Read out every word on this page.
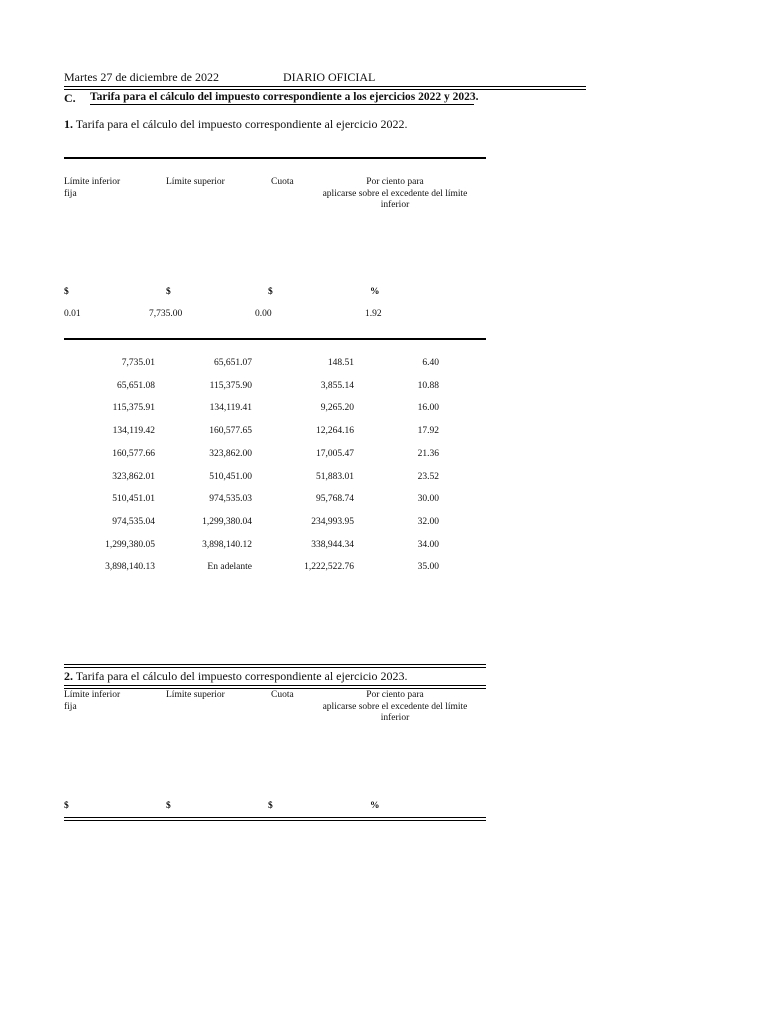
Martes 27 de diciembre de 2022	DIARIO OFICIAL
C. Tarifa para el cálculo del impuesto correspondiente a los ejercicios 2022 y 2023.
1. Tarifa para el cálculo del impuesto correspondiente al ejercicio 2022.
Límite inferior
fija
Límite superior	Cuota	Por ciento para
aplicarse sobre el excedente del límite
inferior
$	$	$	%
0.01	7,735.00	0.00	1.92
7,735.01	65,651.07	148.51	6.40
65,651.08	115,375.90	3,855.14	10.88
115,375.91	134,119.41	9,265.20	16.00
134,119.42	160,577.65	12,264.16	17.92
160,577.66	323,862.00	17,005.47	21.36
323,862.01	510,451.00	51,883.01	23.52
510,451.01	974,535.03	95,768.74	30.00
974,535.04	1,299,380.04	234,993.95	32.00
1,299,380.05	3,898,140.12	338,944.34	34.00
3,898,140.13	En adelante	1,222,522.76	35.00
2. Tarifa para el cálculo del impuesto correspondiente al ejercicio 2023.
Límite inferior
fija
Límite superior	Cuota	Por ciento para
aplicarse sobre el excedente del límite
inferior
$	$	$	%
